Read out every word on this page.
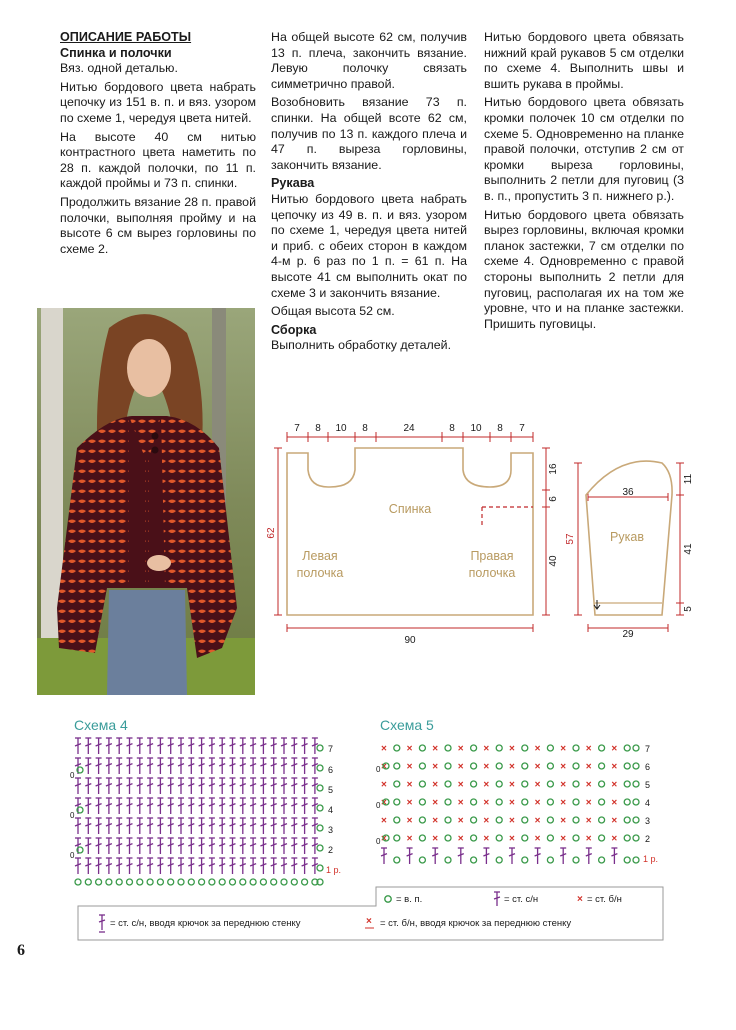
ОПИСАНИЕ РАБОТЫ
Спинка и полочки

Вяз. одной деталью.

Нитью бордового цвета набрать цепочку из 151 в. п. и вяз. узором по схеме 1, чередуя цвета нитей.

На высоте 40 см нитью контрастного цвета наметить по 28 п. каждой полочки, по 11 п. каждой проймы и 73 п. спинки.

Продолжить вязание 28 п. правой полочки, выполняя пройму и на высоте 6 см вырез горловины по схеме 2.

На общей высоте 62 см, получив 13 п. плеча, закончить вязание. Левую полочку связать симметрично правой.

Возобновить вязание 73 п. спинки. На общей всоте 62 см, получив по 13 п. каждого плеча и 47 п. выреза горловины, закончить вязание.

Рукава

Нитью бордового цвета набрать цепочку из 49 в. п. и вяз. узором по схеме 1, чередуя цвета нитей и приб. с обеих сторон в каждом 4-м р. 6 раз по 1 п. = 61 п. На высоте 41 см выполнить окат по схеме 3 и закончить вязание.

Общая высота 52 см.

Сборка

Выполнить обработку деталей.

Нитью бордового цвета обвязать нижний край рукавов 5 см отделки по схеме 4. Выполнить швы и вшить рукава в проймы.

Нитью бордового цвета обвязать кромки полочек 10 см отделки по схеме 5. Одновременно на планке правой полочки, отступив 2 см от кромки выреза горловины, выполнить 2 петли для пуговиц (3 в. п., пропустить 3 п. нижнего р.).

Нитью бордового цвета обвязать вырез горловины, включая кромки планок застежки, 7 см отделки по схеме 4. Одновременно с правой стороны выполнить 2 петли для пуговиц, располагая их на том же уровне, что и на планке застежки. Пришить пуговицы.

7 8 10 8	24	8 10 8 7
Спинка
Левая
полочка
Правая
полочка
62
90
16
6
40
36
Рукав
57
29
11
41
5
Схема 4	Схема 5
× × × × × × × × × ×
× × × × × × × × × ×
× × × × × × × × × ×
× × × × × × × × × ×
× × × × × × × × × ×
× × × × × × × × × ×
7
6
5
4
3
2
1 р.
0
0
0
7
6
5
4
3
2
1 р.
0
0
0
= в. п.	= ст. с/н	× = ст. б/н
= ст. с/н, вводя крючок за переднюю стенку	× = ст. б/н, вводя крючок за переднюю стенку
6
